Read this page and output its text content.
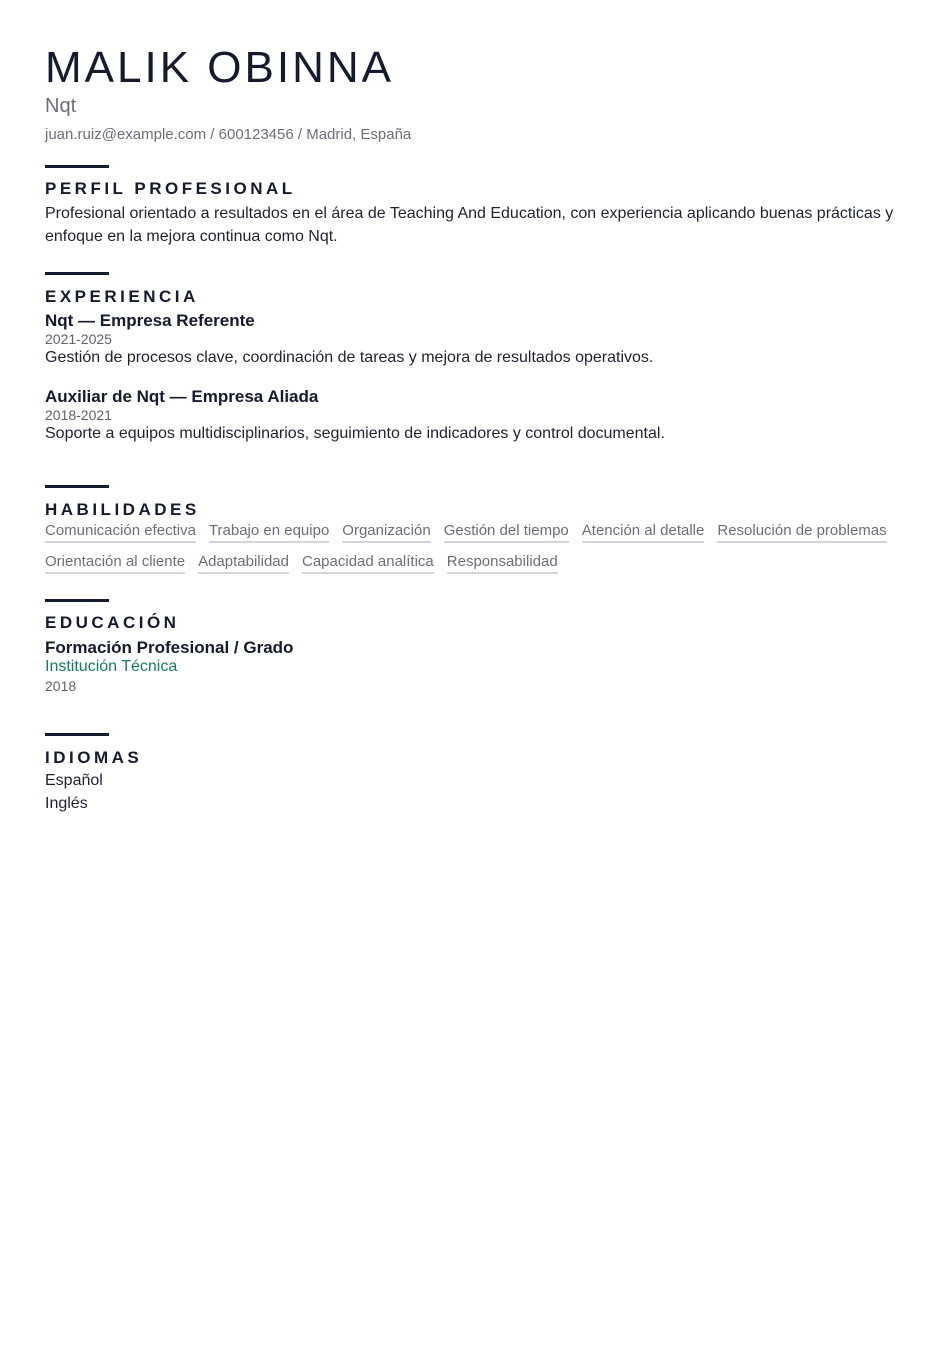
MALIK OBINNA
Nqt
juan.ruiz@example.com / 600123456 / Madrid, España
PERFIL PROFESIONAL
Profesional orientado a resultados en el área de Teaching And Education, con experiencia aplicando buenas prácticas y enfoque en la mejora continua como Nqt.
EXPERIENCIA
Nqt — Empresa Referente
2021-2025
Gestión de procesos clave, coordinación de tareas y mejora de resultados operativos.
Auxiliar de Nqt — Empresa Aliada
2018-2021
Soporte a equipos multidisciplinarios, seguimiento de indicadores y control documental.
HABILIDADES
Comunicación efectiva Trabajo en equipo Organización Gestión del tiempo Atención al detalle Resolución de problemas
Orientación al cliente Adaptabilidad Capacidad analítica Responsabilidad
EDUCACIÓN
Formación Profesional / Grado
Institución Técnica
2018
IDIOMAS
Español
Inglés
